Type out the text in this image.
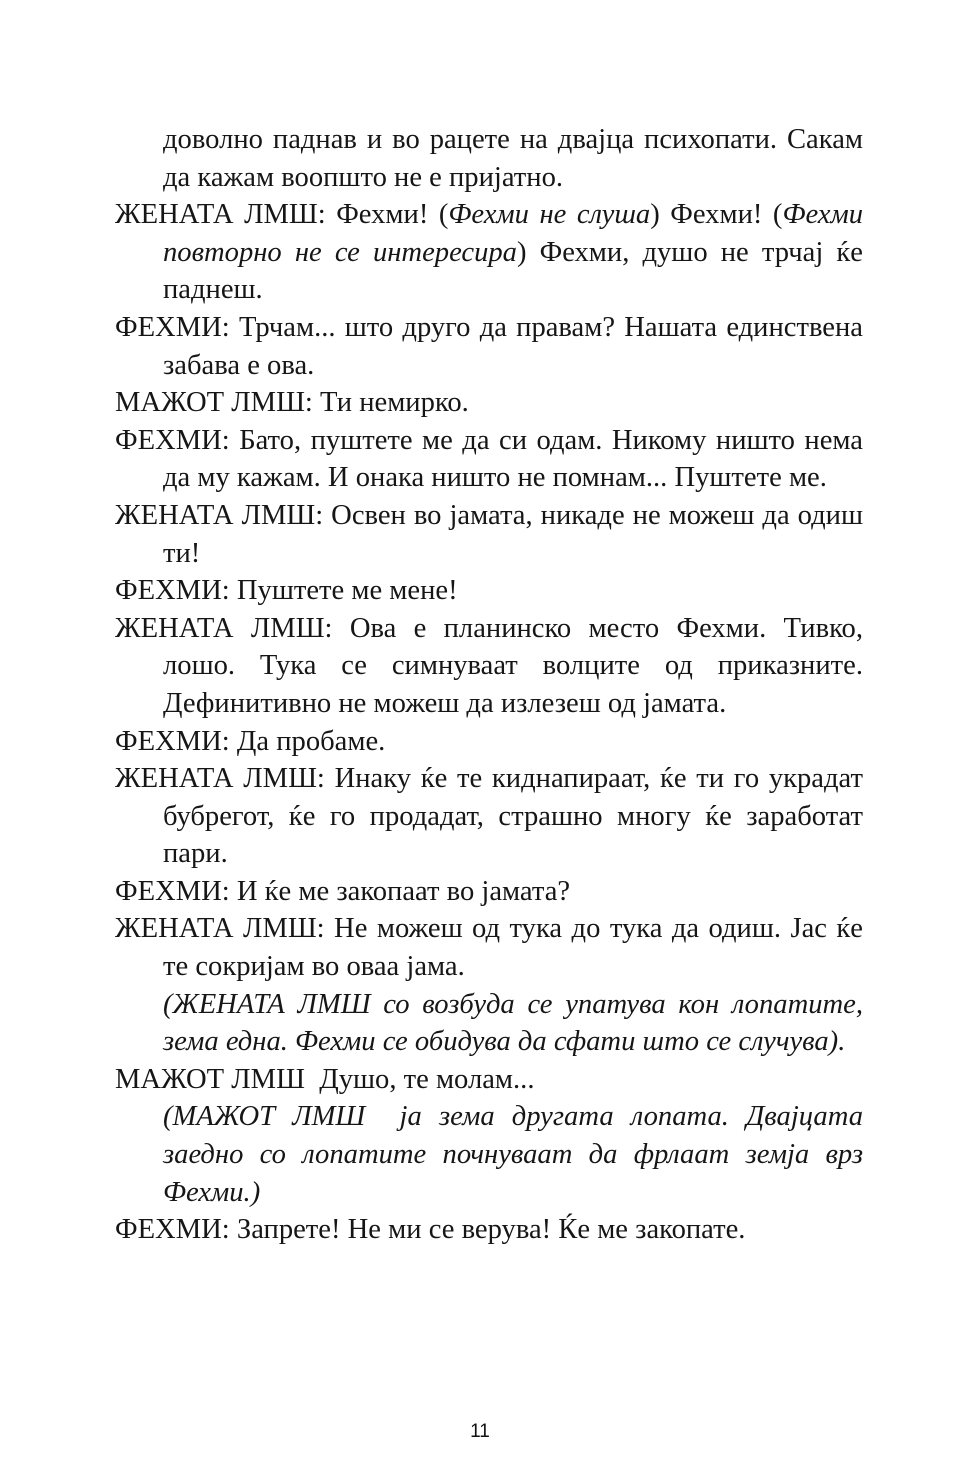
доволно паднав и во рацете на двајца психопати. Сакам да кажам воопшто не е пријатно.

ЖЕНАТА ЛМШ: Фехми! (Фехми не слуша) Фехми! (Фехми повторно не се интересира) Фехми, душо не трчај ќе паднеш.

ФЕХМИ: Трчам... што друго да правам? Нашата единствена забава е ова.

МАЖОТ ЛМШ: Ти немирко.

ФЕХМИ: Бато, пуштете ме да си одам. Никому ништо нема да му кажам. И онака ништо не помнам... Пуштете ме.

ЖЕНАТА ЛМШ: Освен во јамата, никаде не можеш да одиш ти!

ФЕХМИ: Пуштете ме мене!

ЖЕНАТА ЛМШ: Ова е планинско место Фехми. Тивко, лошо. Тука се симнуваат волците од приказните. Дефинитивно не можеш да излезеш од јамата.

ФЕХМИ: Да пробаме.

ЖЕНАТА ЛМШ: Инаку ќе те киднапираат, ќе ти го украдат бубрегот, ќе го продадат, страшно многу ќе заработат пари.

ФЕХМИ: И ќе ме закопаат во јамата?

ЖЕНАТА ЛМШ: Не можеш од тука до тука да одиш. Јас ќе те сокријам во оваа јама.

(ЖЕНАТА ЛМШ со возбуда се упатува кон лопатите, зема една. Фехми се обидува да сфати што се случува).

МАЖОТ ЛМШ  Душо, те молам...

(МАЖОТ ЛМШ  ја зема другата лопата. Двајцата заедно со лопатите почнуваат да фрлаат земја врз Фехми.)

ФЕХМИ: Запрете! Не ми се верува! Ќе ме закопате.

11
